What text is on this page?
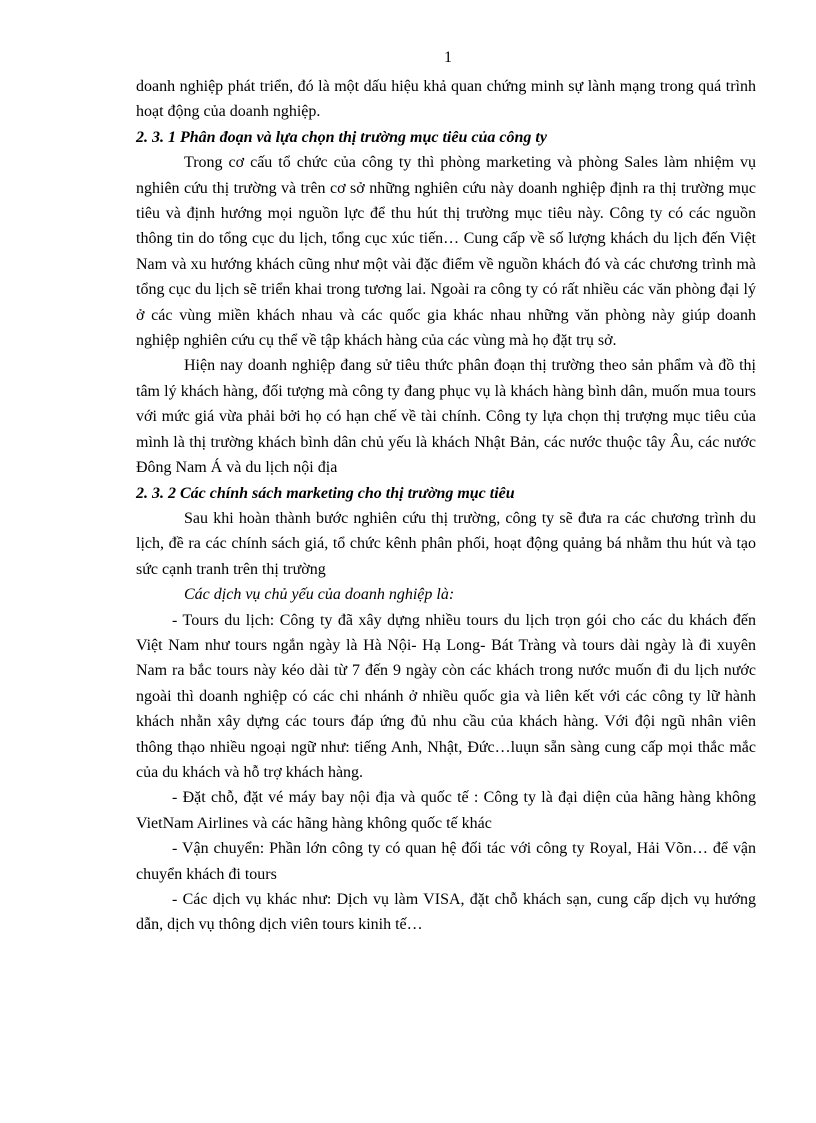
1

doanh nghiệp phát triển, đó là một dấu hiệu khả quan chứng minh sự lành mạng trong quá trình hoạt động của doanh nghiệp.

2. 3. 1 Phân đoạn và lựa chọn thị trường mục tiêu của công ty

Trong cơ cấu tổ chức của công ty thì phòng marketing và phòng Sales làm nhiệm vụ nghiên cứu thị trường và trên cơ sở những nghiên cứu này doanh nghiệp định ra thị trường mục tiêu và định hướng mọi nguồn lực để thu hút thị trường mục tiêu này. Công ty có các nguồn thông tin do tổng cục du lịch, tổng cục xúc tiến… Cung cấp về số lượng khách du lịch đến Việt Nam và xu hướng khách cũng như một vài đặc điểm về nguồn khách đó và các chương trình mà tổng cục du lịch sẽ triển khai trong tương lai. Ngoài ra công ty có rất nhiều các văn phòng đại lý ở các vùng miền khách nhau và các quốc gia khác nhau những văn phòng này giúp doanh nghiệp nghiên cứu cụ thể về tập khách hàng của các vùng mà họ đặt trụ sở.

Hiện nay doanh nghiệp đang sử tiêu thức phân đoạn thị trường theo sản phẩm và đồ thị tâm lý khách hàng, đối tượng mà công ty đang phục vụ là khách hàng bình dân, muốn mua tours với mức giá vừa phải bởi họ có hạn chế về tài chính. Công ty lựa chọn thị trượng mục tiêu của mình là thị trường khách bình dân chủ yếu là khách Nhật Bản, các nước thuộc tây Âu, các nước Đông Nam Á và du lịch nội địa

2. 3. 2 Các chính sách marketing cho thị trường mục tiêu

Sau khi hoàn thành bước nghiên cứu thị trường, công ty sẽ đưa ra các chương trình du lịch, đề ra các chính sách giá, tổ chức kênh phân phối, hoạt động quảng bá nhằm thu hút và tạo sức cạnh tranh trên thị trường

Các dịch vụ chủ yếu của doanh nghiệp là:

- Tours du lịch: Công ty đã xây dựng nhiều tours du lịch trọn gói cho các du khách đến Việt Nam như tours ngắn ngày là Hà Nội- Hạ Long- Bát Tràng và tours dài ngày là đi xuyên Nam ra bắc tours này kéo dài từ 7 đến 9 ngày còn các khách trong nước muốn đi du lịch nước ngoài thì doanh nghiệp có các chi nhánh ở nhiều quốc gia và liên kết với các công ty lữ hành khách nhằn xây dựng các tours đáp ứng đủ nhu cầu của khách hàng. Với đội ngũ nhân viên thông thạo nhiều ngoại ngữ như: tiếng Anh, Nhật, Đức…luụn sẵn sàng cung cấp mọi thắc mắc của du khách và hỗ trợ khách hàng.

- Đặt chỗ, đặt vé máy bay nội địa và quốc tế : Công ty là đại diện của hãng hàng không VietNam Airlines và các hãng hàng không quốc tế khác

- Vận chuyển: Phần lớn công ty có quan hệ đối tác với công ty Royal, Hải Võn… để vận chuyển khách đi tours

- Các dịch vụ khác như: Dịch vụ làm VISA, đặt chỗ khách sạn, cung cấp dịch vụ hướng dẫn, dịch vụ thông dịch viên tours kinih tế…
